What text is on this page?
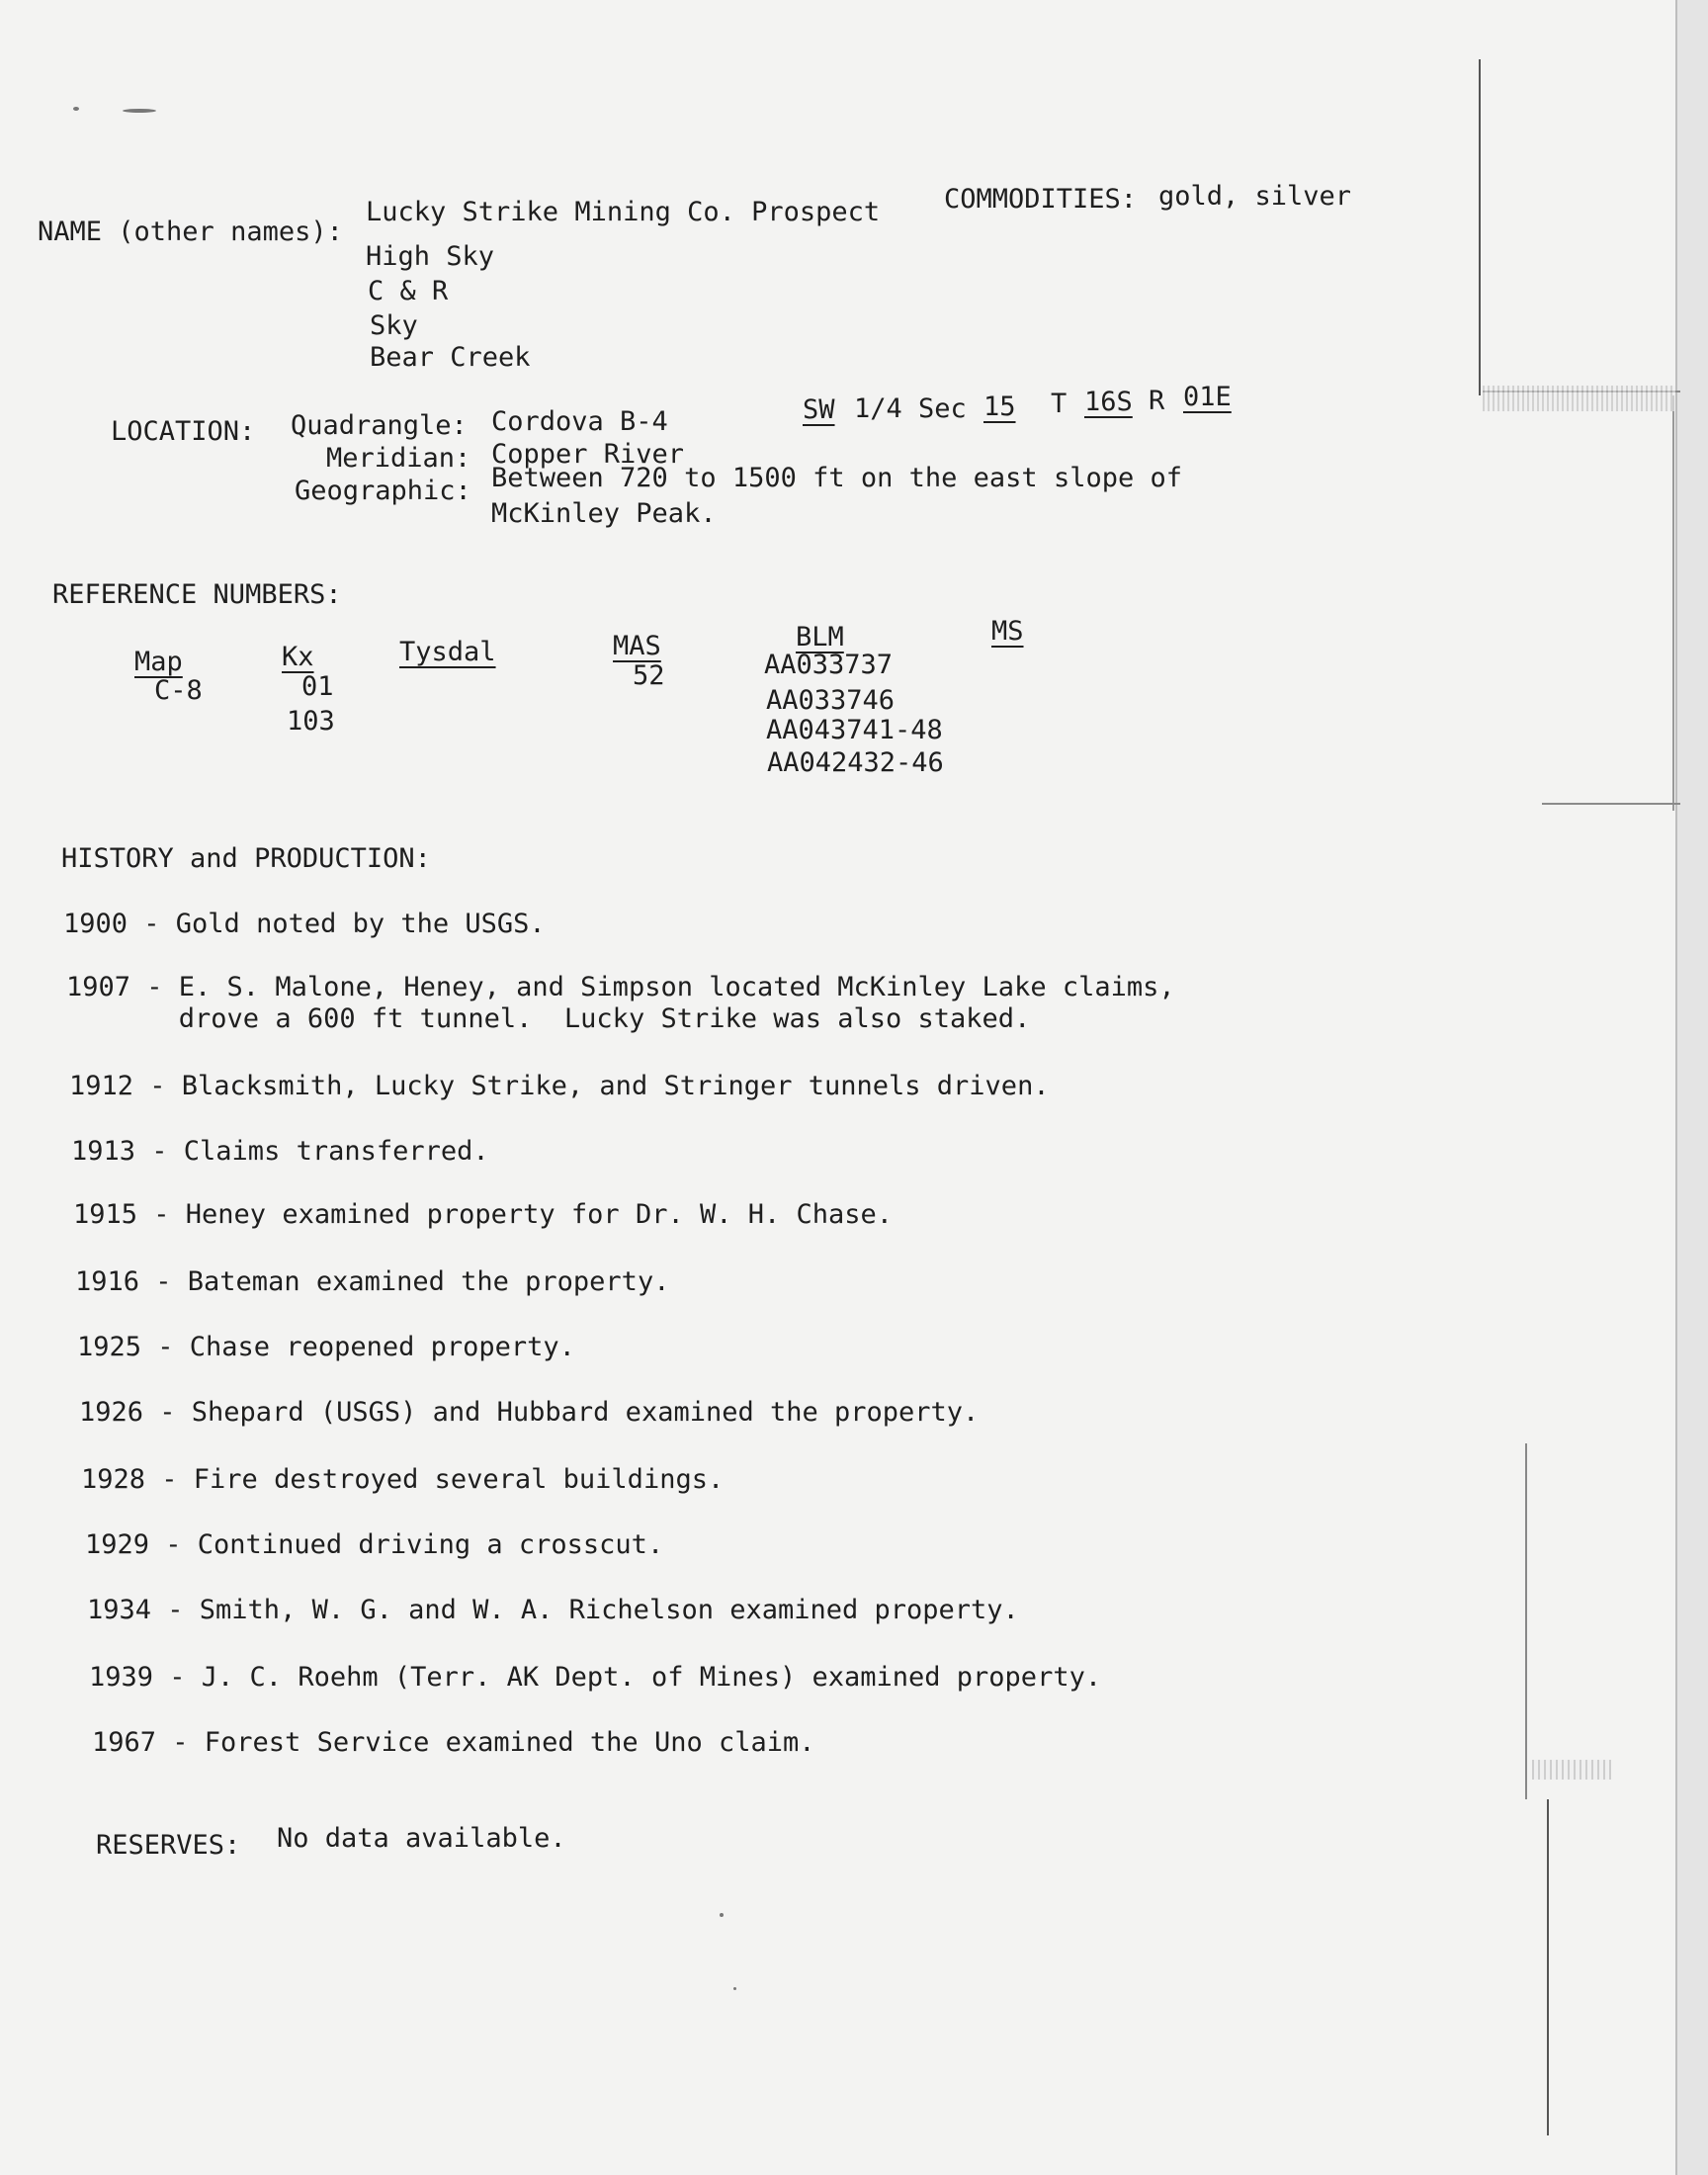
NAME (other names):
Lucky Strike Mining Co. Prospect
High Sky
C & R
Sky
Bear Creek
COMMODITIES: gold, silver
LOCATION: Quadrangle: Cordova B-4	SW 1/4 Sec 15 T 16S R 01E
Meridian: Copper River
Geographic: Between 720 to 1500 ft on the east slope of
McKinley Peak.
REFERENCE NUMBERS:
Map
C-8
Kx
01
103
Tysdal	MAS
52
BLM
AA033737
AA033746
AA043741-48
AA042432-46
MS
HISTORY and PRODUCTION:
1900 - Gold noted by the USGS.
1907 - E. S. Malone, Heney, and Simpson located McKinley Lake claims,
drove a 600 ft tunnel.  Lucky Strike was also staked.
1912 - Blacksmith, Lucky Strike, and Stringer tunnels driven.
1913 - Claims transferred.
1915 - Heney examined property for Dr. W. H. Chase.
1916 - Bateman examined the property.
1925 - Chase reopened property.
1926 - Shepard (USGS) and Hubbard examined the property.
1928 - Fire destroyed several buildings.
1929 - Continued driving a crosscut.
1934 - Smith, W. G. and W. A. Richelson examined property.
1939 - J. C. Roehm (Terr. AK Dept. of Mines) examined property.
1967 - Forest Service examined the Uno claim.
RESERVES: No data available.
